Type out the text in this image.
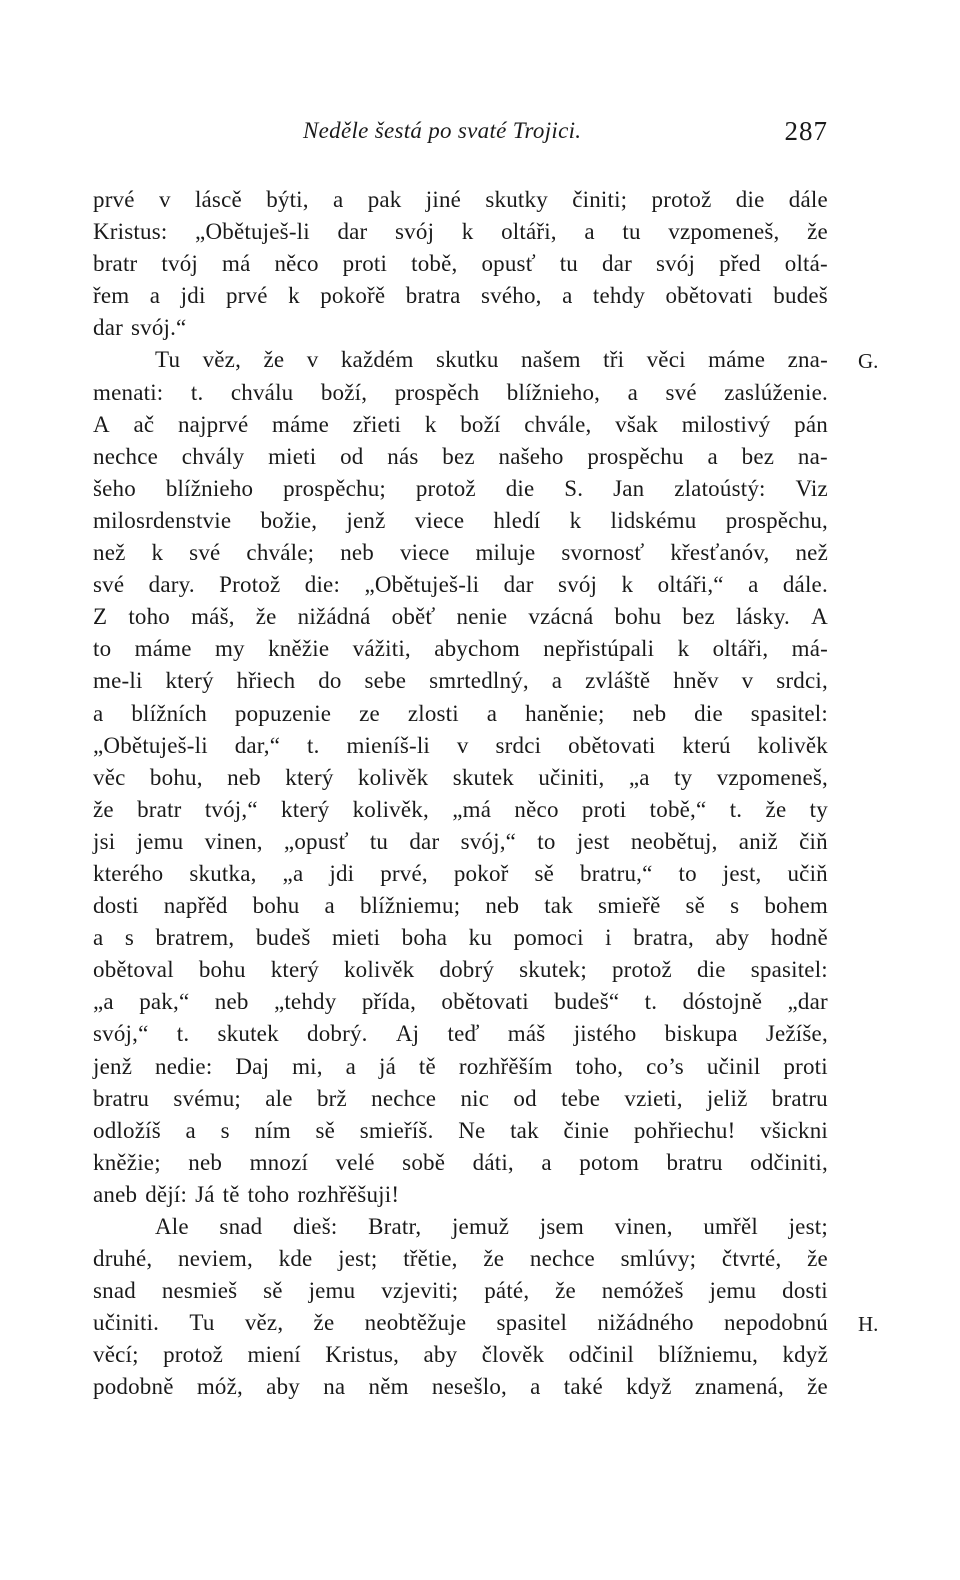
Neděle šestá po svaté Trojici.	287
prvé v láscě býti, a pak jiné skutky činiti; protož die dále
Kristus: „Obětuješ-li dar svój k oltáři, a tu vzpomeneš, že
bratr tvój má něco proti tobě, opusť tu dar svój před oltá-
řem a jdi prvé k pokořě bratra svého, a tehdy obětovati budeš
dar svój.“
Tu věz, že v každém skutku našem tři věci máme zna-
menati: t. chválu boží, prospěch blížnieho, a své zaslúženie.
A ač najprvé máme zřieti k boží chvále, však milostivý pán
nechce chvály mieti od nás bez našeho prospěchu a bez na-
šeho blížnieho prospěchu; protož die S. Jan zlatoústý: Viz
milosrdenstvie božie, jenž viece hledí k lidskému prospěchu,
než k své chvále; neb viece miluje svornosť křesťanóv, než
své dary. Protož die: „Obětuješ-li dar svój k oltáři,“ a dále.
Z toho máš, že nižádná oběť nenie vzácná bohu bez lásky. A
to máme my kněžie vážiti, abychom nepřistúpali k oltáři, má-
me-li který hřiech do sebe smrtedlný, a zvláště hněv v srdci,
a blížních popuzenie ze zlosti a haněnie; neb die spasitel:
„Obětuješ-li dar,“ t. mieníš-li v srdci obětovati kterú kolivěk
věc bohu, neb který kolivěk skutek učiniti, „a ty vzpomeneš,
že bratr tvój,“ který kolivěk, „má něco proti tobě,“ t. že ty
jsi jemu vinen, „opusť tu dar svój,“ to jest neobětuj, aniž čiň
kterého skutka, „a jdi prvé, pokoř sě bratru,“ to jest, učiň
dosti napřěd bohu a blížniemu; neb tak smieřě sě s bohem
a s bratrem, budeš mieti boha ku pomoci i bratra, aby hodně
obětoval bohu který kolivěk dobrý skutek; protož die spasitel:
„a pak,“ neb „tehdy přída, obětovati budeš“ t. dóstojně „dar
svój,“ t. skutek dobrý. Aj teď máš jistého biskupa Ježíše,
jenž nedie: Daj mi, a já tě rozhřěším toho, co’s učinil proti
bratru svému; ale brž nechce nic od tebe vzieti, jeliž bratru
odložíš a s ním sě smieříš. Ne tak činie pohřiechu! všickni
kněžie; neb mnozí velé sobě dáti, a potom bratru odčiniti,
aneb dějí: Já tě toho rozhřěšuji!
Ale snad dieš: Bratr, jemuž jsem vinen, umřěl jest;
druhé, neviem, kde jest; třětie, že nechce smlúvy; čtvrté, že
snad nesmieš sě jemu vzjeviti; páté, že nemóžeš jemu dosti
učiniti. Tu věz, že neobtěžuje spasitel nižádného nepodobnú
věcí; protož miení Kristus, aby člověk odčinil blížniemu, když
podobně móž, aby na něm nesešlo, a také když znamená, že
G.
H.
